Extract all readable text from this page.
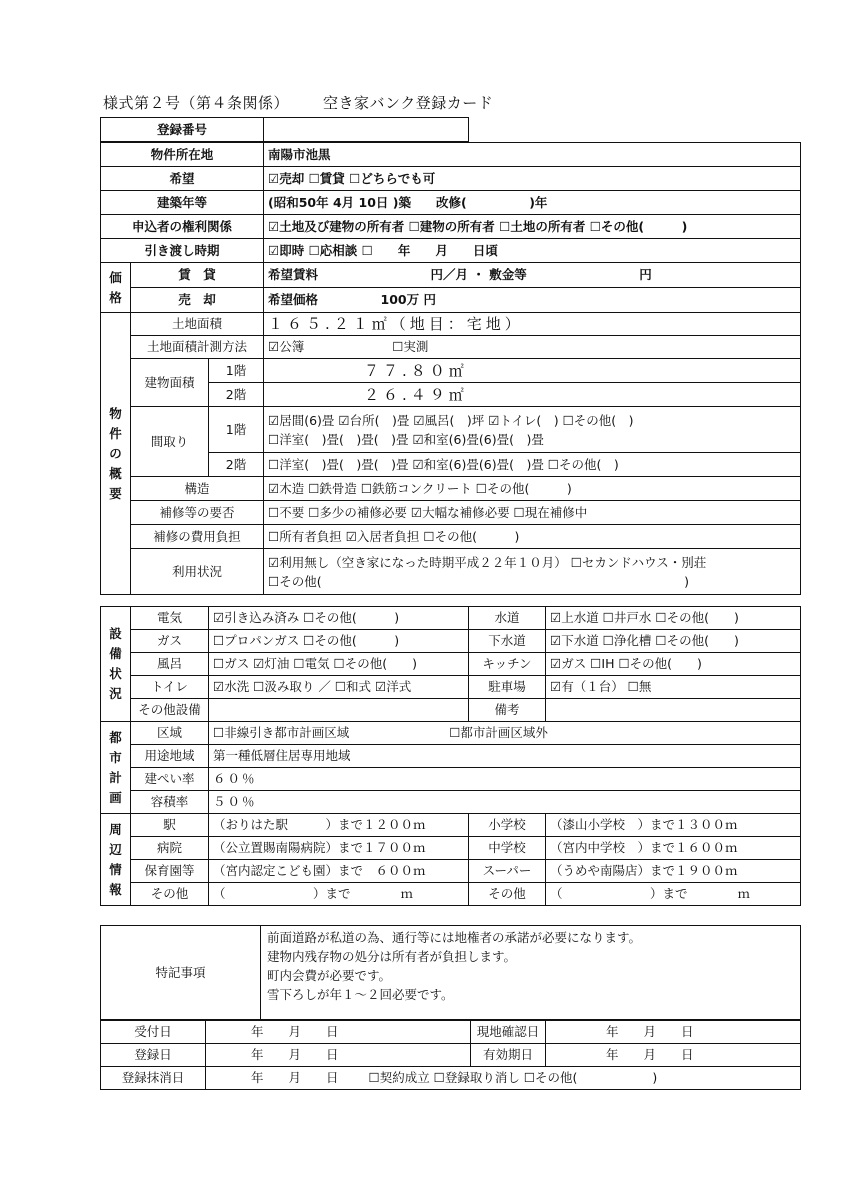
様式第２号（第４条関係） 空き家バンク登録カード
登録番号	
物件所在地			南陽市池黒
希望			☑売却 ☐賃貸 ☐どちらでも可
建築年等			(昭和50年 4月 10日 )築　　改修(　　　　　)年
申込者の権利関係			☑土地及び建物の所有者 ☐建物の所有者 ☐土地の所有者 ☐その他(　　　)
引き渡し時期			☑即時 ☐応相談 ☐　　年　　月　　日頃

価
格	賃　貸		希望賃料　　　　　　　　　円／月 ・ 敷金等　　　　　　　　　円
	売　却		希望価格　　　　　100万 円

物
件
の
概
要	土地面積		１６５.２１㎡（地目：宅地）
	土地面積計測方法		☑公簿 ☐実測
	建物面積	1階	７７.８０㎡
		2階	２６.４９㎡
	間取り	1階	☑居間(6)畳 ☑台所(　)畳 ☑風呂(　)坪 ☑トイレ(　) ☐その他(　)
☐洋室(　)畳(　)畳(　)畳 ☑和室(6)畳(6)畳(　)畳

		2階	☐洋室(　)畳(　)畳(　)畳 ☑和室(6)畳(6)畳(　)畳 ☐その他(　)
	構造		☑木造 ☐鉄骨造 ☐鉄筋コンクリート ☐その他(　　　)
	補修等の要否		☐不要 ☐多少の補修必要 ☑大幅な補修必要 ☐現在補修中
	補修の費用負担		☐所有者負担 ☑入居者負担 ☐その他(　　　)
	利用状況		☑利用無し（空き家になった時期平成２２年１０月） ☐セカンドハウス・別荘
☐その他(　　　　　　　　　　　　　　　　　　　　　　　　　　　　　)
設
備
状
況	電気	☑引き込み済み ☐その他(　　　)	水道	☑上水道 ☐井戸水 ☐その他(　　)
	ガス	☐プロパンガス ☐その他(　　　)	下水道	☑下水道 ☐浄化槽 ☐その他(　　)
	風呂	☐ガス ☑灯油 ☐電気 ☐その他(　　)	キッチン	☑ガス ☐IH ☐その他(　　)
	トイレ	☑水洗 ☐汲み取り ／ ☐和式 ☑洋式	駐車場	☑有（１台） ☐無
	その他設備		備考	

都
市
計
画	区域	☐非線引き都市計画区域 ☐都市計画区域外		
	用途地域	第一種低層住居専用地域		
	建ぺい率	６０％		
	容積率	５０％		

周
辺
情
報	駅	（おりはた駅　　　）まで１２００ｍ	小学校	（漆山小学校　）まで１３００ｍ
	病院	（公立置賜南陽病院）まで１７００ｍ	中学校	（宮内中学校　）まで１６００ｍ
	保育園等	（宮内認定こども園）まで　６００ｍ	スーパー	（うめや南陽店）まで１９００ｍ
	その他	（　　　　　　　）まで　　　　ｍ	その他	（　　　　　　　）まで　　　　ｍ
特記事項	
前面道路が私道の為、通行等には地権者の承諾が必要になります。
建物内残存物の処分は所有者が負担します。
町内会費が必要です。
雪下ろしが年１～２回必要です。
受付日	年　　月　　日	現地確認日	年　　月　　日
登録日	年　　月　　日	有効期日	年　　月　　日
登録抹消日	年　　月　　日 ☐契約成立 ☐登録取り消し ☐その他(　　　　　　)		
